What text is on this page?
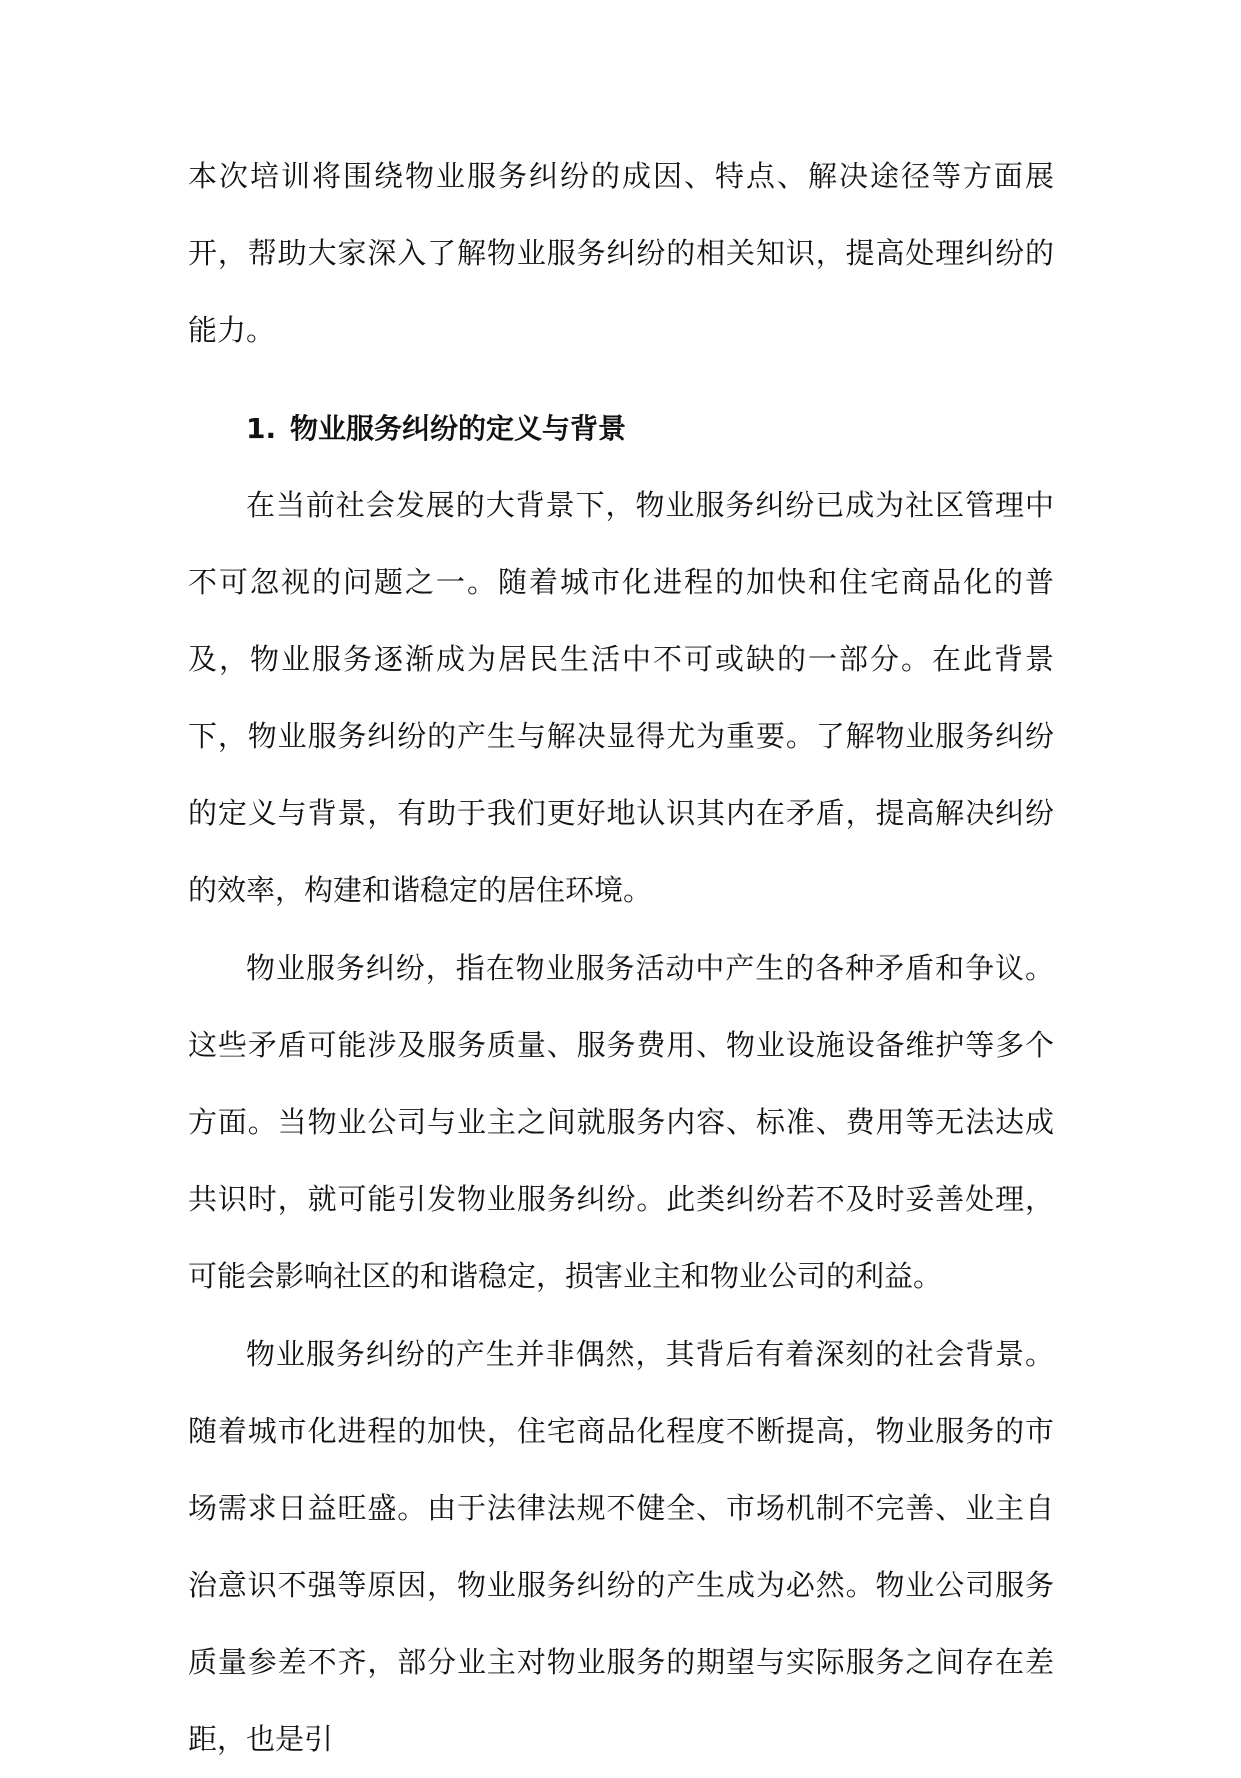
本次培训将围绕物业服务纠纷的成因、特点、解决途径等方面展开，帮助大家深入了解物业服务纠纷的相关知识，提高处理纠纷的能力。

1. 物业服务纠纷的定义与背景

在当前社会发展的大背景下，物业服务纠纷已成为社区管理中不可忽视的问题之一。随着城市化进程的加快和住宅商品化的普及，物业服务逐渐成为居民生活中不可或缺的一部分。在此背景下，物业服务纠纷的产生与解决显得尤为重要。了解物业服务纠纷的定义与背景，有助于我们更好地认识其内在矛盾，提高解决纠纷的效率，构建和谐稳定的居住环境。

物业服务纠纷，指在物业服务活动中产生的各种矛盾和争议。这些矛盾可能涉及服务质量、服务费用、物业设施设备维护等多个方面。当物业公司与业主之间就服务内容、标准、费用等无法达成共识时，就可能引发物业服务纠纷。此类纠纷若不及时妥善处理，可能会影响社区的和谐稳定，损害业主和物业公司的利益。

物业服务纠纷的产生并非偶然，其背后有着深刻的社会背景。随着城市化进程的加快，住宅商品化程度不断提高，物业服务的市场需求日益旺盛。由于法律法规不健全、市场机制不完善、业主自治意识不强等原因，物业服务纠纷的产生成为必然。物业公司服务质量参差不齐，部分业主对物业服务的期望与实际服务之间存在差距，也是引
